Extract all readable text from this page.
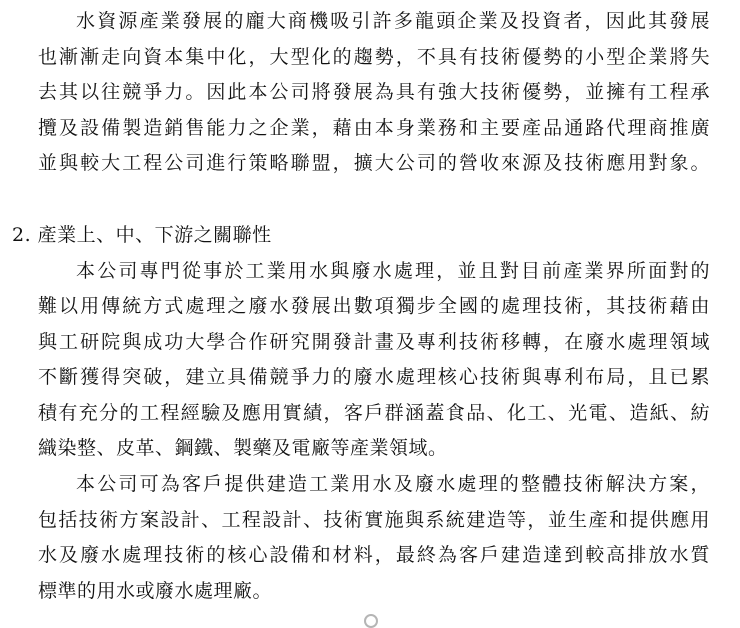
水資源產業發展的龐大商機吸引許多龍頭企業及投資者，因此其發展
也漸漸走向資本集中化，大型化的趨勢，不具有技術優勢的小型企業將失
去其以往競爭力。因此本公司將發展為具有強大技術優勢，並擁有工程承
攬及設備製造銷售能力之企業，藉由本身業務和主要產品通路代理商推廣
並與較大工程公司進行策略聯盟，擴大公司的營收來源及技術應用對象。
2. 產業上、中、下游之關聯性
本公司專門從事於工業用水與廢水處理，並且對目前產業界所面對的
難以用傳統方式處理之廢水發展出數項獨步全國的處理技術，其技術藉由
與工研院與成功大學合作研究開發計畫及專利技術移轉，在廢水處理領域
不斷獲得突破，建立具備競爭力的廢水處理核心技術與專利布局，且已累
積有充分的工程經驗及應用實績，客戶群涵蓋食品、化工、光電、造紙、紡
織染整、皮革、鋼鐵、製藥及電廠等產業領域。
本公司可為客戶提供建造工業用水及廢水處理的整體技術解決方案，
包括技術方案設計、工程設計、技術實施與系統建造等，並生產和提供應用
水及廢水處理技術的核心設備和材料，最終為客戶建造達到較高排放水質
標準的用水或廢水處理廠。
